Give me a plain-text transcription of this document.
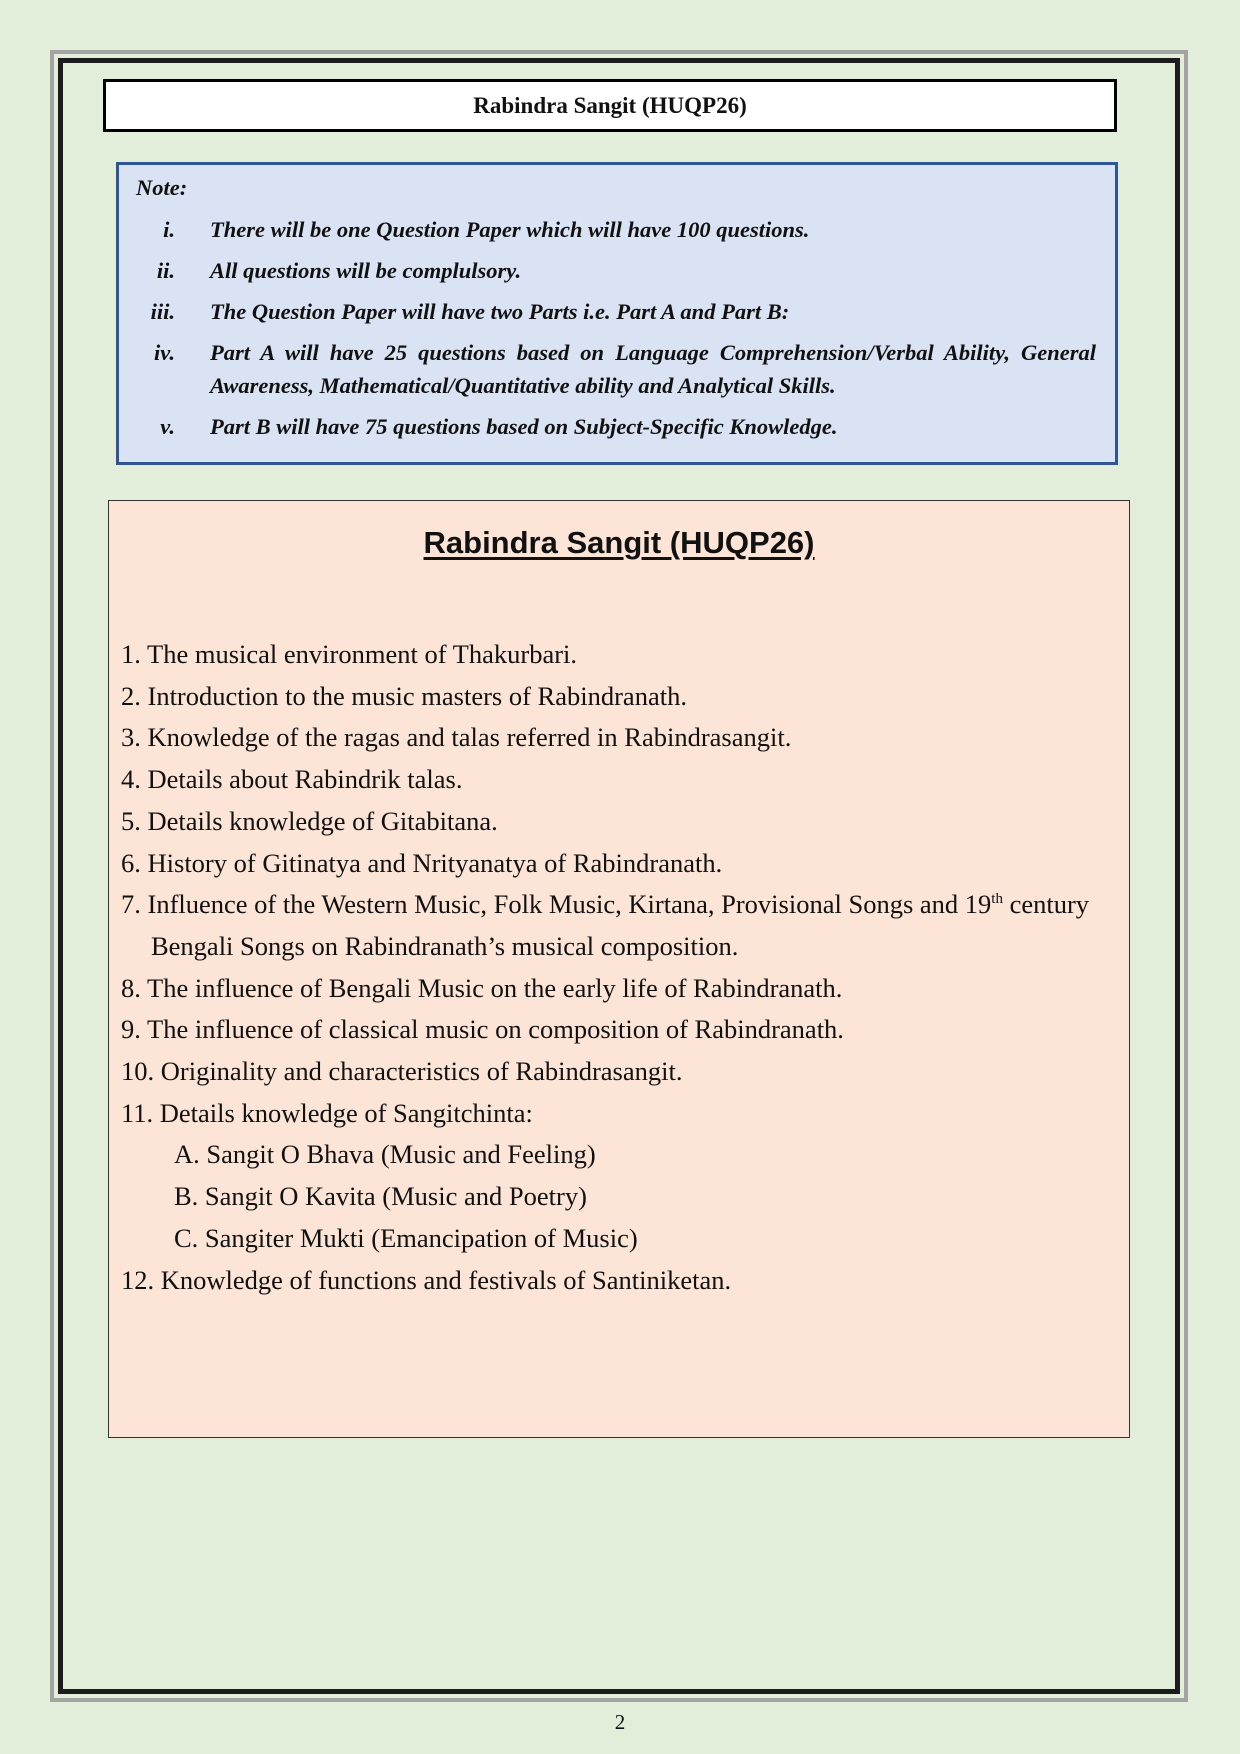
Rabindra Sangit (HUQP26)
Note:
i. There will be one Question Paper which will have 100 questions.
ii. All questions will be complulsory.
iii. The Question Paper will have two Parts i.e. Part A and Part B:
iv. Part A will have 25 questions based on Language Comprehension/Verbal Ability, General Awareness, Mathematical/Quantitative ability and Analytical Skills.
v. Part B will have 75 questions based on Subject-Specific Knowledge.
Rabindra Sangit (HUQP26)
1. The musical environment of Thakurbari.
2. Introduction to the music masters of Rabindranath.
3. Knowledge of the ragas and talas referred in Rabindrasangit.
4. Details about Rabindrik talas.
5. Details knowledge of Gitabitana.
6. History of Gitinatya and Nrityanatya of Rabindranath.
7. Influence of the Western Music, Folk Music, Kirtana, Provisional Songs and 19th century Bengali Songs on Rabindranath’s musical composition.
8. The influence of Bengali Music on the early life of Rabindranath.
9. The influence of classical music on composition of Rabindranath.
10. Originality and characteristics of Rabindrasangit.
11. Details knowledge of Sangitchinta:
A. Sangit O Bhava (Music and Feeling)
B. Sangit O Kavita (Music and Poetry)
C. Sangiter Mukti (Emancipation of Music)
12. Knowledge of functions and festivals of Santiniketan.
2
